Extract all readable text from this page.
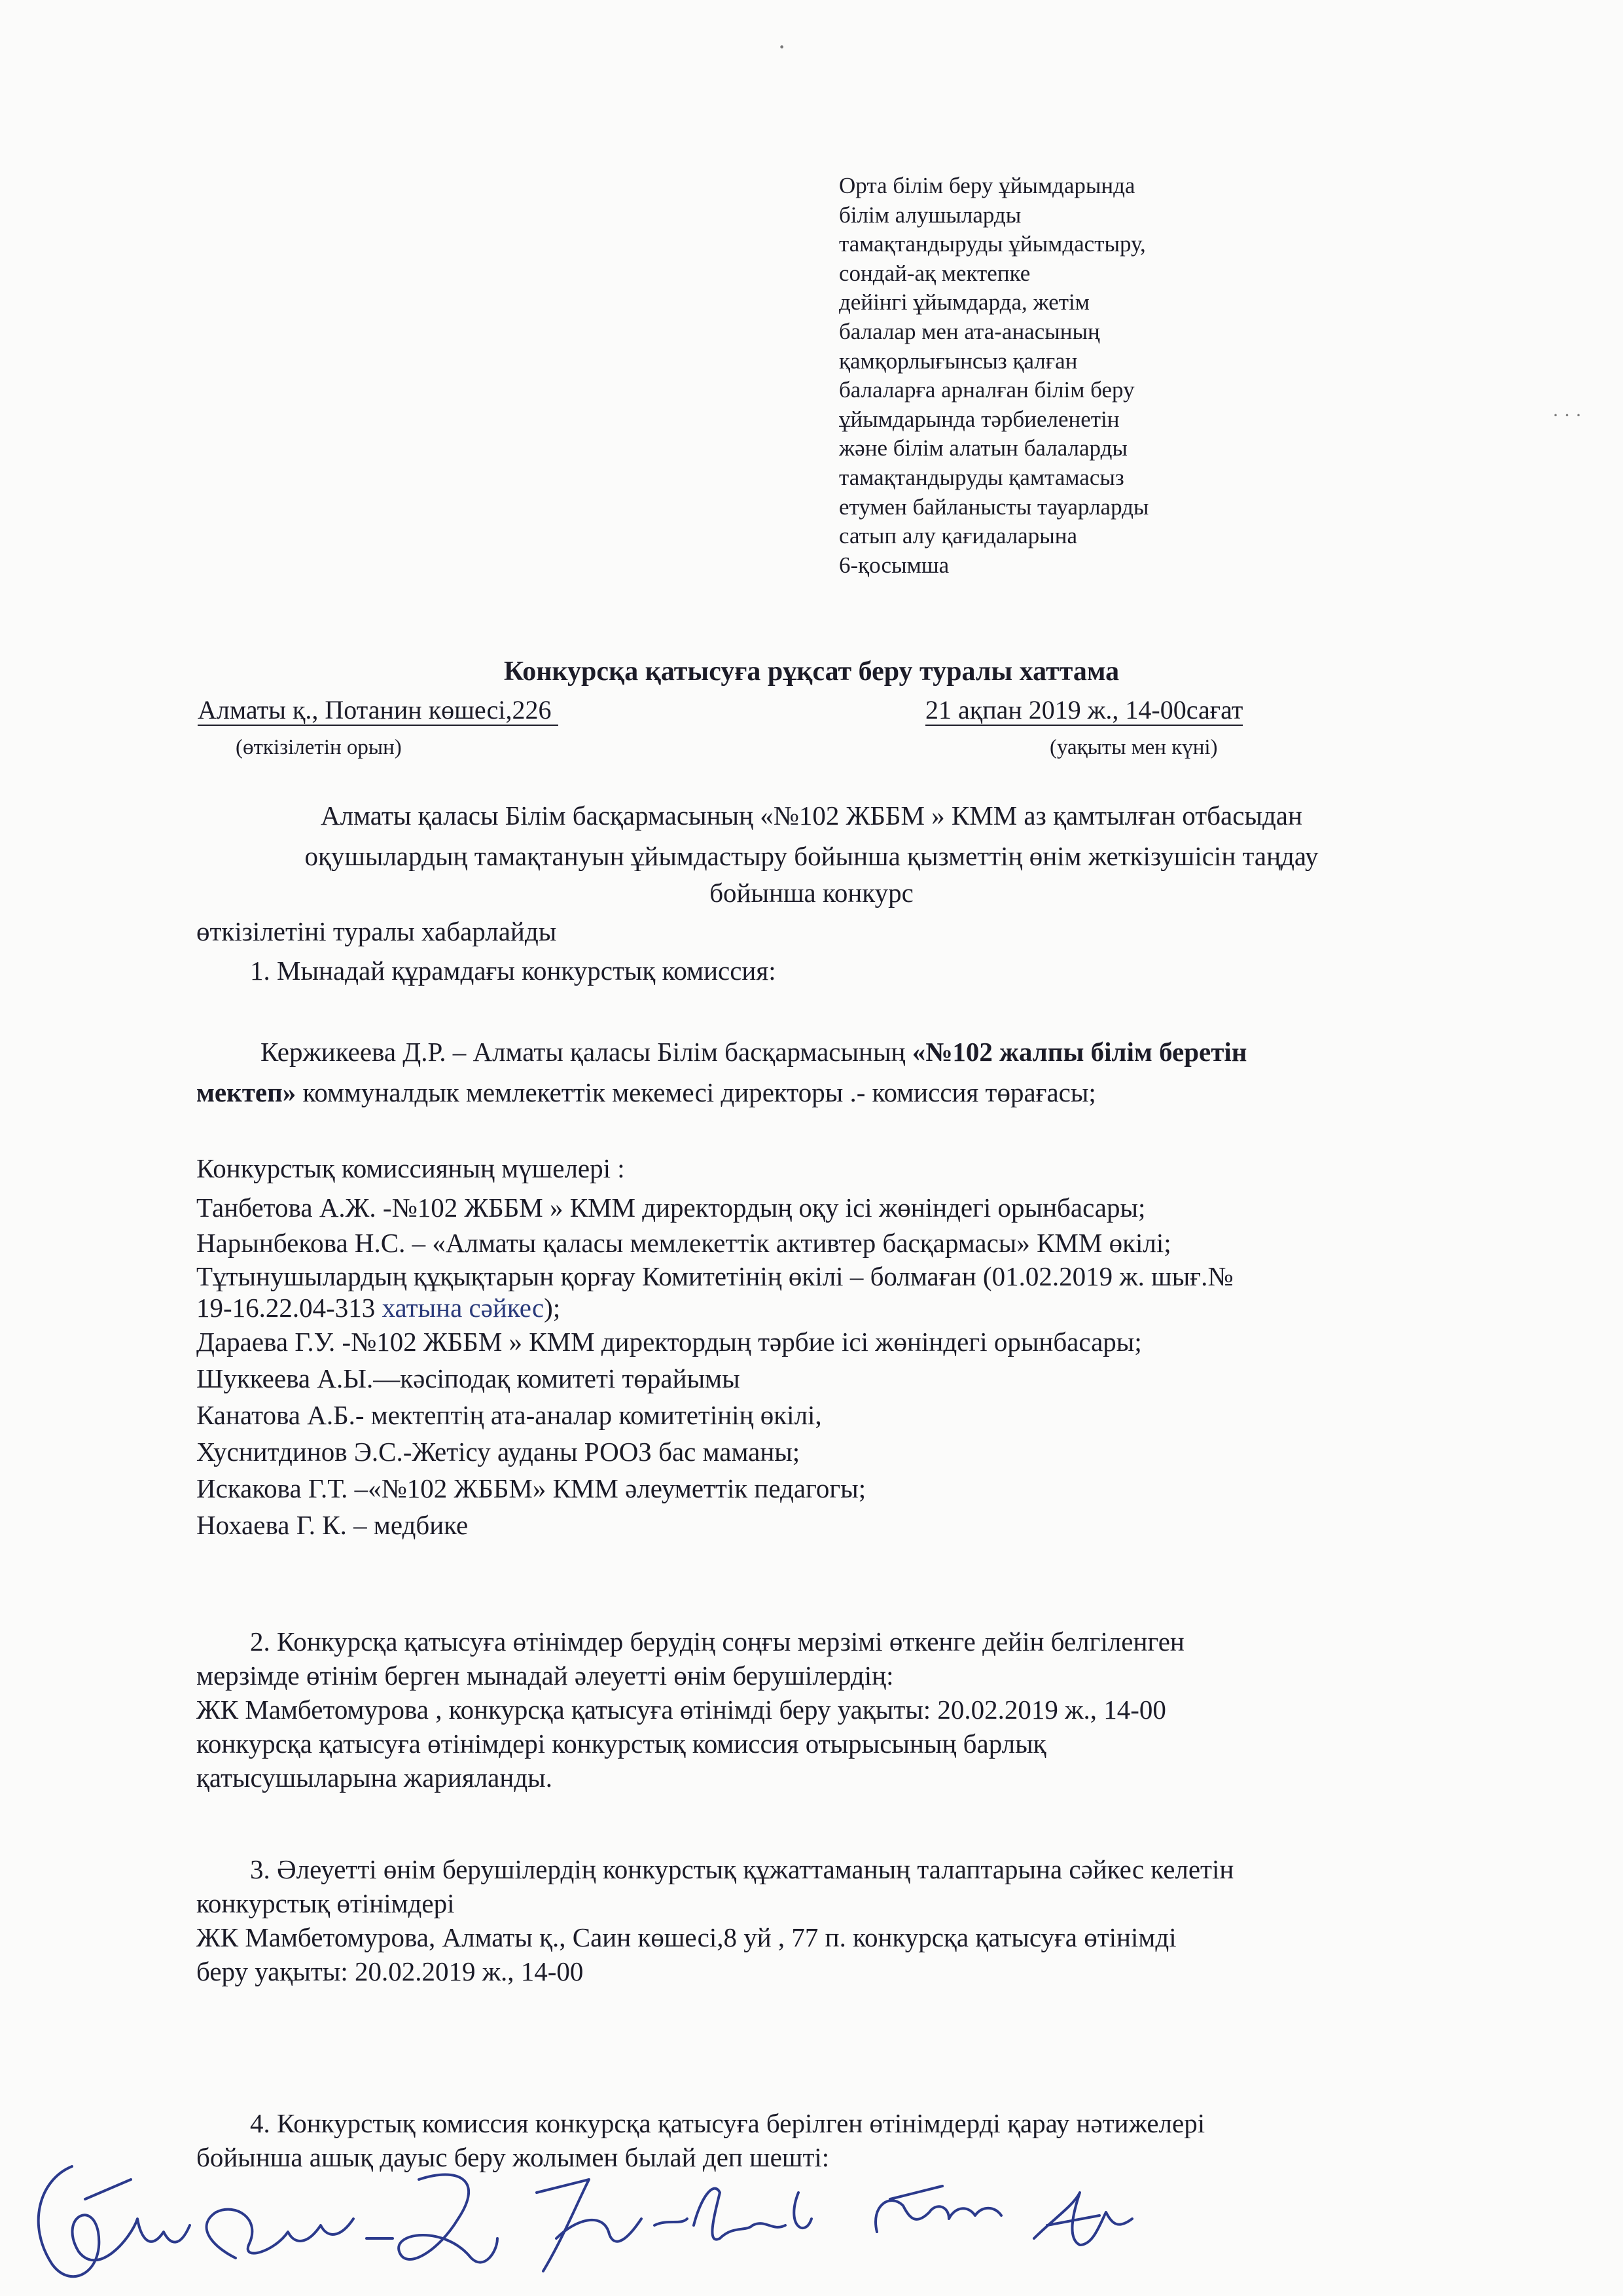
·
· · ·
Орта білім беру ұйымдарында
білім алушыларды
тамақтандыруды ұйымдастыру,
сондай-ақ мектепке
дейінгі ұйымдарда, жетім
балалар мен ата-анасының
қамқорлығынсыз қалған
балаларға арналған білім беру
ұйымдарында тәрбиеленетін
және білім алатын балаларды
тамақтандыруды қамтамасыз
етумен байланысты тауарларды
сатып алу қағидаларына
6-қосымша
Конкурсқа қатысуға рұқсат беру туралы хаттама
Алматы қ., Потанин көшесі,226	21 ақпан 2019 ж., 14-00сағат
(өткізілетін орын)	(уақыты мен күні)
Алматы қаласы Білім басқармасының «№102 ЖББМ » КММ аз қамтылған отбасыдан
оқушылардың тамақтануын ұйымдастыру бойынша қызметтің өнім жеткізушісін таңдау
бойынша конкурс
өткізілетіні туралы хабарлайды
1. Мынадай құрамдағы конкурстық комиссия:
Кержикеева Д.Р. – Алматы қаласы Білім басқармасының «№102 жалпы білім беретін
мектеп» коммуналдык мемлекеттік мекемесі директоры .- комиссия төрағасы;
Конкурстық комиссияның мүшелері :
Танбетова А.Ж. -№102 ЖББМ » КММ директордың оқу ісі жөніндегі орынбасары;
Нарынбекова Н.С. – «Алматы қаласы мемлекеттік активтер басқармасы» КММ өкілі;
Тұтынушылардың құқықтарын қорғау Комитетінің өкілі – болмаған (01.02.2019 ж. шығ.№
19-16.22.04-313 хатына сәйкес);
Дараева Г.У. -№102 ЖББМ » КММ директордың тәрбие ісі жөніндегі орынбасары;
Шуккеева А.Ы.—кәсіподақ комитеті төрайымы
Канатова А.Б.- мектептің ата-аналар комитетінің өкілі,
Хуснитдинов Э.С.-Жетісу ауданы РООЗ бас маманы;
Искакова Г.Т. –«№102 ЖББМ» КММ әлеуметтік педагогы;
Нохаева Г. К. – медбике
2. Конкурсқа қатысуға өтінімдер берудің соңғы мерзімі өткенге дейін белгіленген
мерзімде өтінім берген мынадай әлеуетті өнім берушілердің:
ЖК Мамбетомурова , конкурсқа қатысуға өтінімді беру уақыты: 20.02.2019 ж., 14-00
конкурсқа қатысуға өтінімдері конкурстық комиссия отырысының барлық
қатысушыларына жарияланды.
3. Әлеуетті өнім берушілердің конкурстық құжаттаманың талаптарына сәйкес келетін
конкурстық өтінімдері
ЖК Мамбетомурова, Алматы қ., Саин көшесі,8 уй , 77 п. конкурсқа қатысуға өтінімді
беру уақыты: 20.02.2019 ж., 14-00
4. Конкурстық комиссия конкурсқа қатысуға берілген өтінімдерді қарау нәтижелері
бойынша ашық дауыс беру жолымен былай деп шешті:
